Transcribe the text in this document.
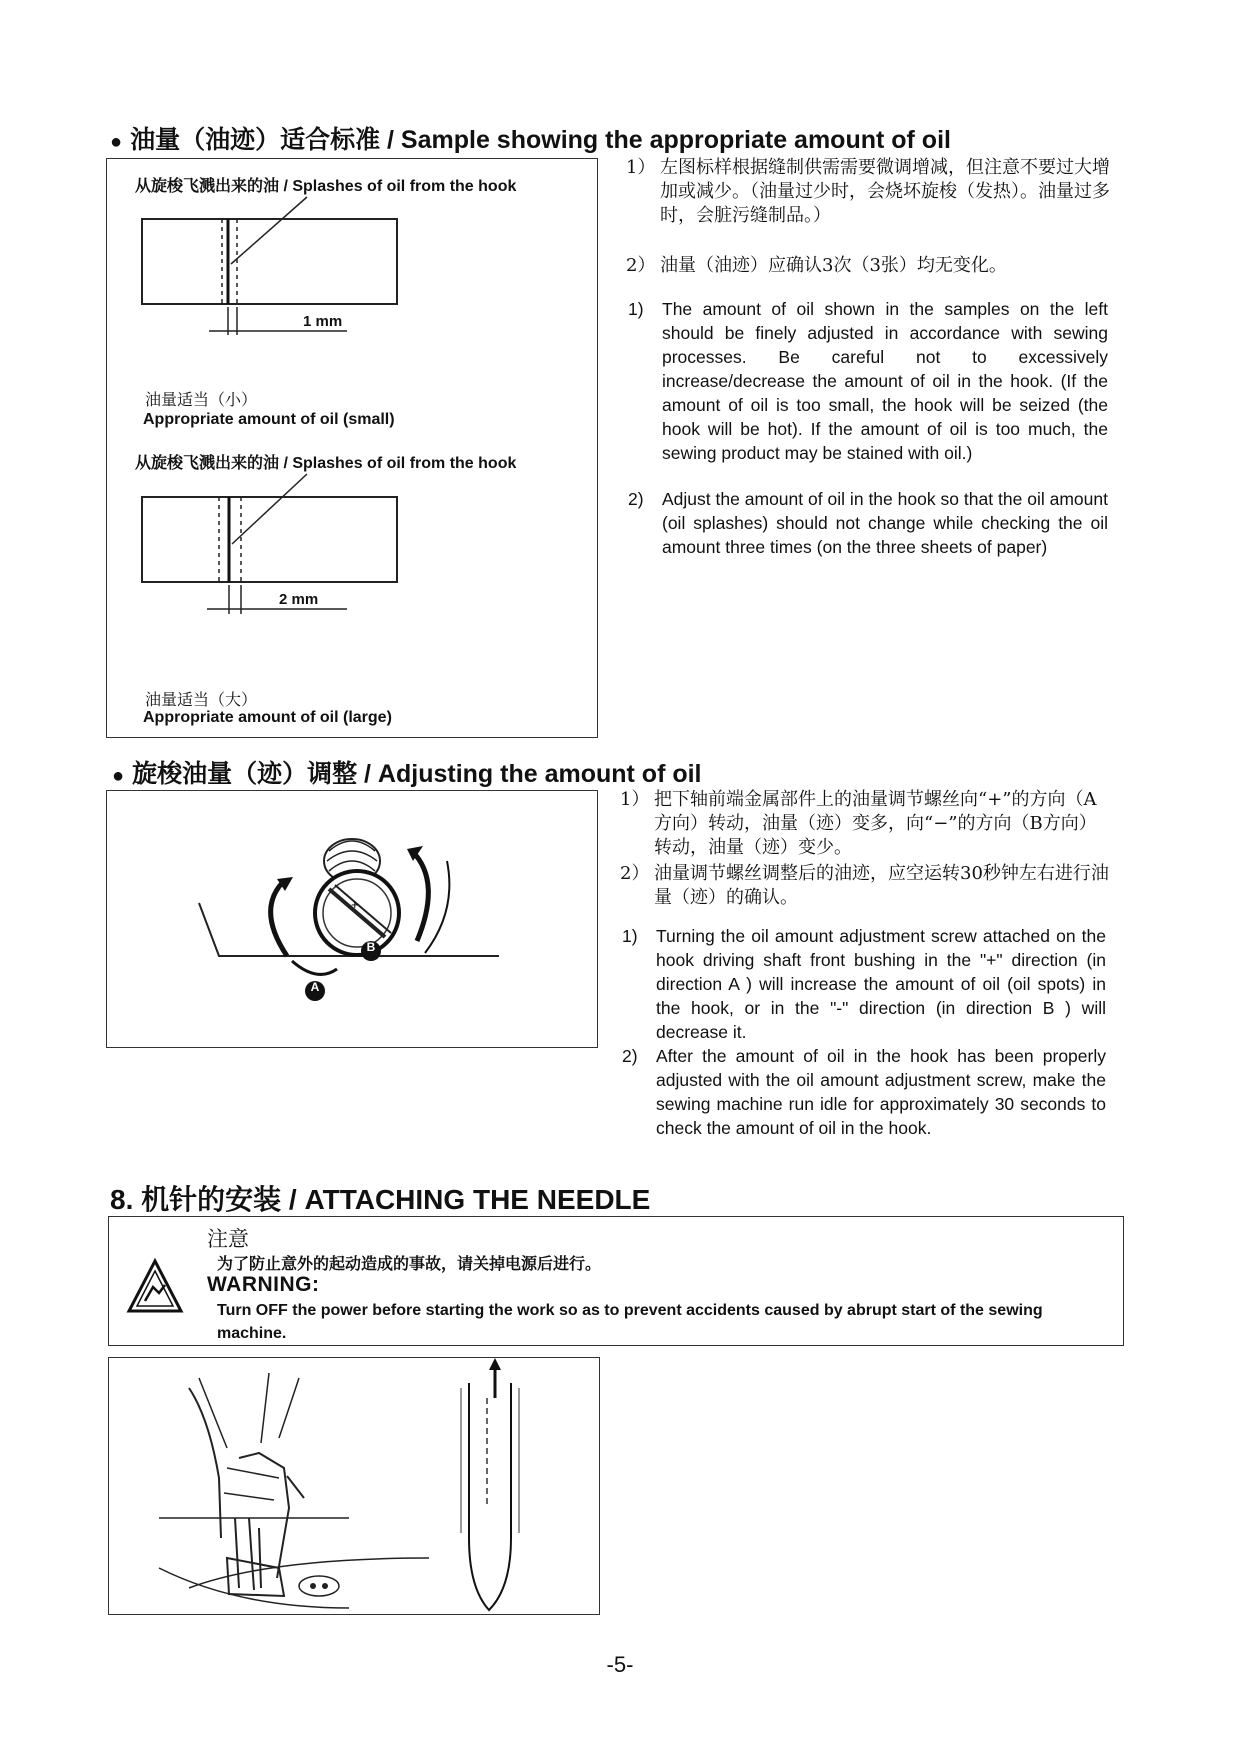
● 油量（油迹）适合标准 / Sample showing the appropriate amount of oil
从旋梭飞溅出来的油 / Splashes of oil from the hook
1 mm
油量适当（小）
Appropriate amount of oil (small)
从旋梭飞溅出来的油 / Splashes of oil from the hook
2 mm
油量适当（大）
Appropriate amount of oil (large)
1） 左图标样根据缝制供需需要微调增减，但注意不要过大增加或减少。（油量过少时，会烧坏旋梭（发热）。油量过多时，会脏污缝制品。）
2） 油量（油迹）应确认3次（3张）均无变化。
1)	The amount of oil shown in the samples on the left should be finely adjusted in accordance with sewing processes. Be careful not to excessively increase/decrease the amount of oil in the hook. (If the amount of oil is too small, the hook will be seized (the hook will be hot). If the amount of oil is too much, the sewing product may be stained with oil.)
2)	Adjust the amount of oil in the hook so that the oil amount (oil splashes) should not change while checking the oil amount three times (on the three sheets of paper)
● 旋梭油量（迹）调整 / Adjusting the amount of oil
+
A
B
1） 把下轴前端金属部件上的油量调节螺丝向“+”的方向（A方向）转动，油量（迹）变多，向“−”的方向（B方向）转动，油量（迹）变少。
2） 油量调节螺丝调整后的油迹，应空运转30秒钟左右进行油量（迹）的确认。
1)	Turning the oil amount adjustment screw attached on the hook driving shaft front bushing in the "+" direction (in direction A ) will increase the amount of oil (oil spots) in the hook, or in the "-" direction (in direction B ) will decrease it.
2)	After the amount of oil in the hook has been properly adjusted with the oil amount adjustment screw, make the sewing machine run idle for approximately 30 seconds to check the amount of oil in the hook.
8. 机针的安装 / ATTACHING THE NEEDLE
注意
为了防止意外的起动造成的事故，请关掉电源后进行。
WARNING:
Turn OFF the power before starting the work so as to prevent accidents caused by abrupt start of the sewing machine.
-5-
